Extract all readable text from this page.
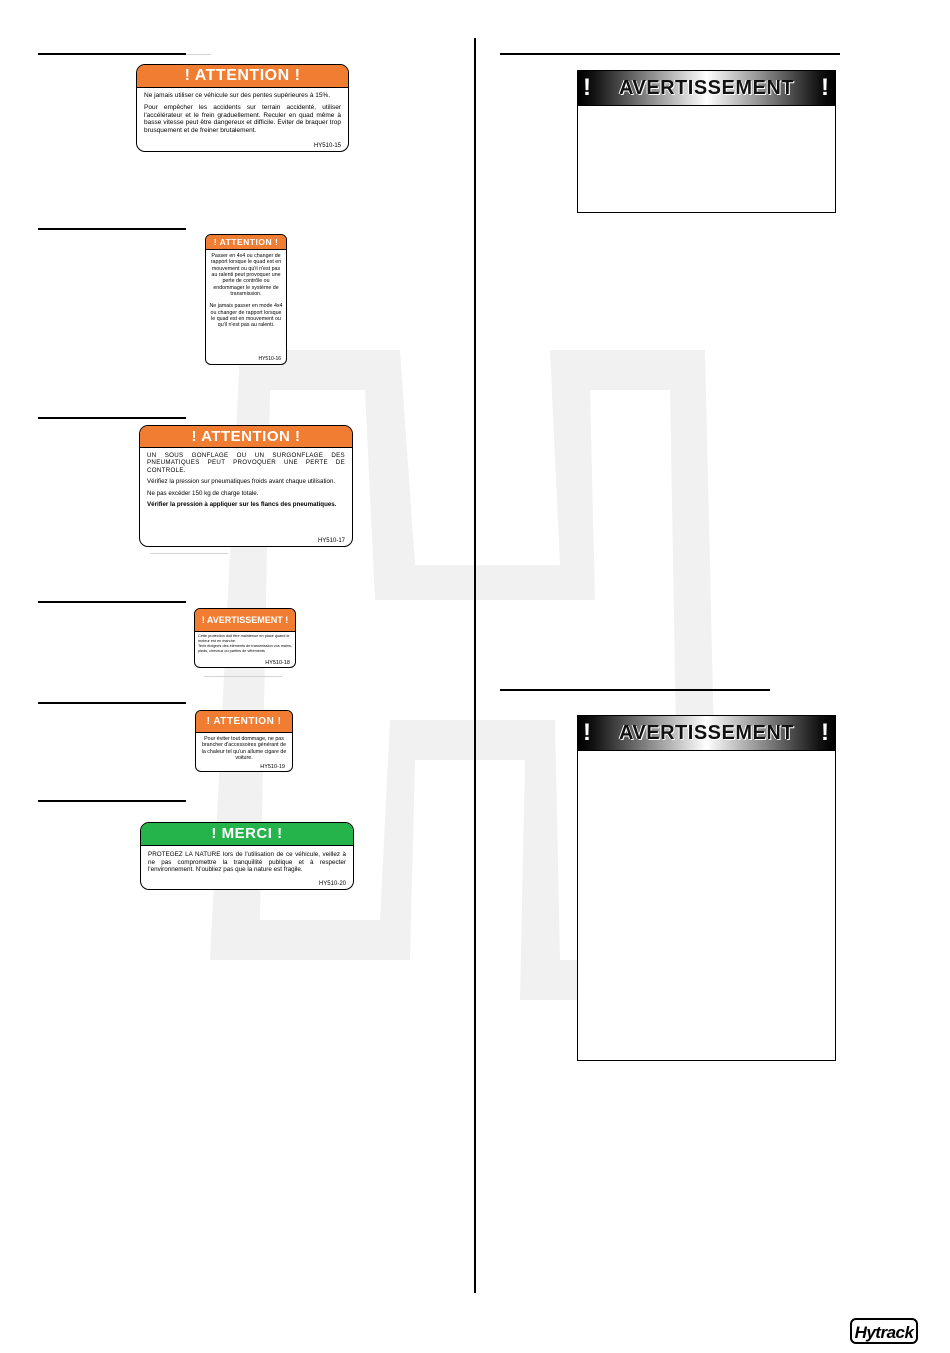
! ATTENTION !

Ne jamais utiliser ce véhicule sur des pentes supérieures à 15%.

Pour empêcher les accidents sur terrain accidenté, utiliser l'accélérateur et le frein graduellement. Reculer en quad même à basse vitesse peut être dangereux et difficile. Eviter de braquer trop brusquement et de freiner brutalement.

HY510-15
! ATTENTION !

Passer en 4x4 ou changer de rapport lorsque le quad est en mouvement ou qu'il n'est pas au ralenti peut provoquer une perte de contrôle ou endommager le système de transmission.

Ne jamais passer en mode 4x4 ou changer de rapport lorsque le quad est en mouvement ou qu'il n'est pas au ralenti.

HY510-16
! ATTENTION !

UN SOUS GONFLAGE OU UN SURGONFLAGE DES PNEUMATIQUES PEUT PROVOQUER UNE PERTE DE CONTROLE.

Vérifiez la pression sur pneumatiques froids avant chaque utilisation.

Ne pas excéder 150 kg de charge totale.

Vérifier la pression à appliquer sur les flancs des pneumatiques.

HY510-17
! AVERTISSEMENT !

Cette protection doit être maintenue en place quand le moteur est en marche.

Tenir éloignés des éléments de transmission vos mains, pieds, cheveux ou parties de vêtements

HY510-18
! ATTENTION !

Pour éviter tout dommage, ne pas brancher d'accessoires générant de la chaleur tel qu'un allume cigare de voiture.

HY510-19
! MERCI !

PROTEGEZ LA NATURE lors de l'utilisation de ce véhicule, veillez à ne pas compromettre la tranquillité publique et à respecter l'environnement. N'oubliez pas que la nature est fragile.

HY510-20
!	AVERTISSEMENT	!
!	AVERTISSEMENT	!
Hytrack
